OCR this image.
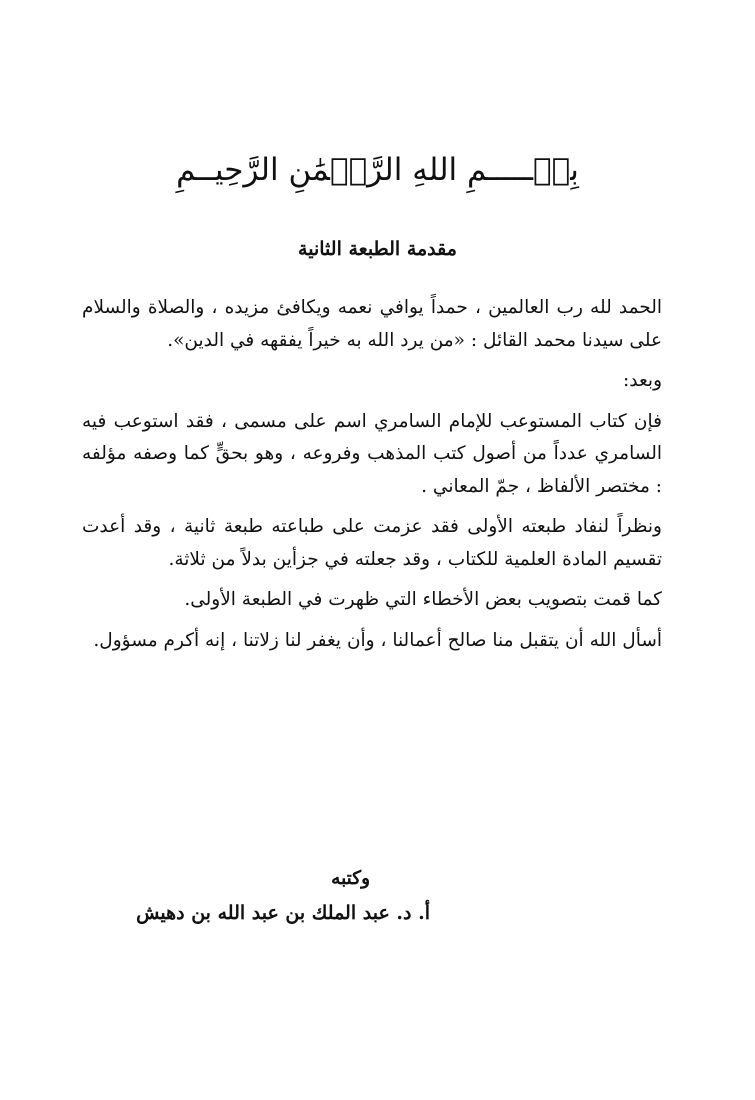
بِسۡـــــمِ اللهِ الرَّحۡمَٰنِ الرَّحِيــمِ
مقدمة الطبعة الثانية

الحمد لله رب العالمين ، حمداً يوافي نعمه ويكافئ مزيده ، والصلاة والسلام على سيدنا محمد القائل : «من يرد الله به خيراً يفقهه في الدين».

وبعد:

فإن كتاب المستوعب للإمام السامري اسم على مسمى ، فقد استوعب فيه السامري عدداً من أصول كتب المذهب وفروعه ، وهو بحقٍّ كما وصفه مؤلفه : مختصر الألفاظ ، جمّ المعاني .

ونظراً لنفاد طبعته الأولى فقد عزمت على طباعته طبعة ثانية ، وقد أعدت تقسيم المادة العلمية للكتاب ، وقد جعلته في جزأين بدلاً من ثلاثة.

كما قمت بتصويب بعض الأخطاء التي ظهرت في الطبعة الأولى.

أسأل الله أن يتقبل منا صالح أعمالنا ، وأن يغفر لنا زلاتنا ، إنه أكرم مسؤول.

وكتبه
أ. د. عبد الملك بن عبد الله بن دهيش
